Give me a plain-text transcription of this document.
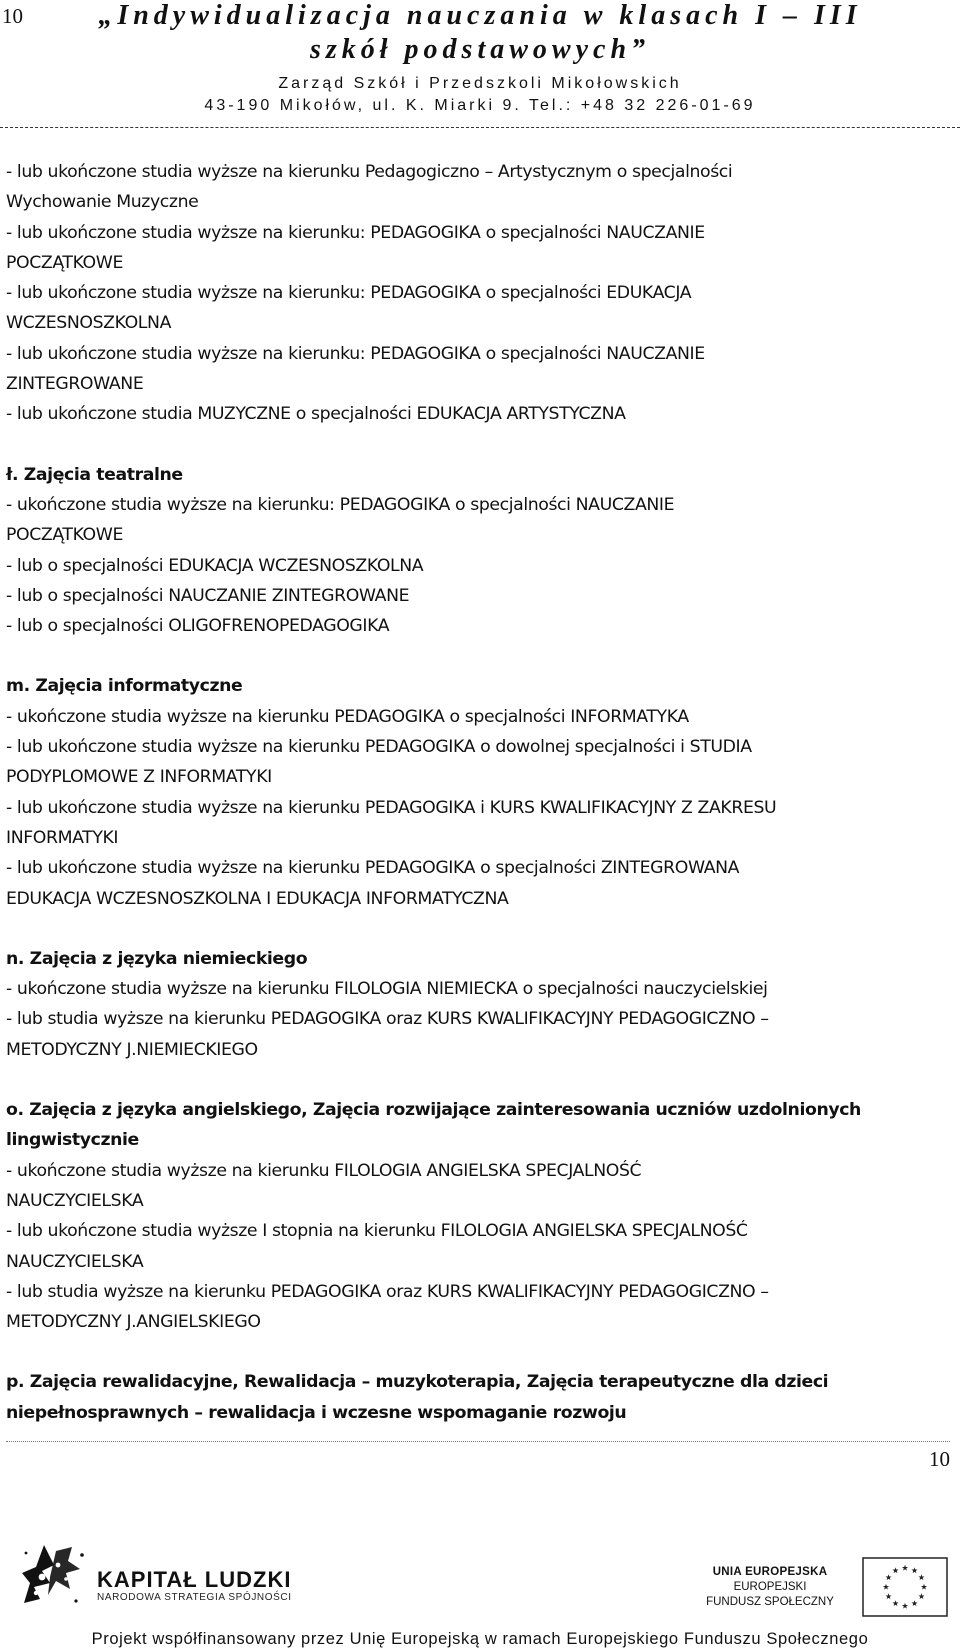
10	„Indywidualizacja nauczania w klasach I – III
szkół podstawowych”
Zarząd Szkół i Przedszkoli Mikołowskich
43-190 Mikołów, ul. K. Miarki 9. Tel.: +48 32 226-01-69
- lub ukończone studia wyższe na kierunku Pedagogiczno – Artystycznym o specjalności
Wychowanie Muzyczne
- lub ukończone studia wyższe na kierunku: PEDAGOGIKA o specjalności NAUCZANIE
POCZĄTKOWE
- lub ukończone studia wyższe na kierunku: PEDAGOGIKA o specjalności EDUKACJA
WCZESNOSZKOLNA
- lub ukończone studia wyższe na kierunku: PEDAGOGIKA o specjalności NAUCZANIE
ZINTEGROWANE
- lub ukończone studia MUZYCZNE o specjalności EDUKACJA ARTYSTYCZNA
ł. Zajęcia teatralne
- ukończone studia wyższe na kierunku: PEDAGOGIKA o specjalności NAUCZANIE
POCZĄTKOWE
- lub o specjalności EDUKACJA WCZESNOSZKOLNA
- lub o specjalności NAUCZANIE ZINTEGROWANE
- lub o specjalności OLIGOFRENOPEDAGOGIKA
m. Zajęcia informatyczne
- ukończone studia wyższe na kierunku PEDAGOGIKA o specjalności INFORMATYKA
- lub ukończone studia wyższe na kierunku PEDAGOGIKA o dowolnej specjalności i STUDIA
PODYPLOMOWE Z INFORMATYKI
- lub ukończone studia wyższe na kierunku PEDAGOGIKA i KURS KWALIFIKACYJNY Z ZAKRESU
INFORMATYKI
- lub ukończone studia wyższe na kierunku PEDAGOGIKA o specjalności ZINTEGROWANA
EDUKACJA WCZESNOSZKOLNA I EDUKACJA INFORMATYCZNA
n. Zajęcia z języka niemieckiego
- ukończone studia wyższe na kierunku FILOLOGIA NIEMIECKA o specjalności nauczycielskiej
- lub studia wyższe na kierunku PEDAGOGIKA oraz KURS KWALIFIKACYJNY PEDAGOGICZNO –
METODYCZNY J.NIEMIECKIEGO
o. Zajęcia z języka angielskiego, Zajęcia rozwijające zainteresowania uczniów uzdolnionych lingwistycznie
- ukończone studia wyższe na kierunku FILOLOGIA ANGIELSKA SPECJALNOŚĆ
NAUCZYCIELSKA
- lub ukończone studia wyższe I stopnia na kierunku FILOLOGIA ANGIELSKA SPECJALNOŚĆ
NAUCZYCIELSKA
- lub studia wyższe na kierunku PEDAGOGIKA oraz KURS KWALIFIKACYJNY PEDAGOGICZNO –
METODYCZNY J.ANGIELSKIEGO
p. Zajęcia rewalidacyjne, Rewalidacja – muzykoterapia, Zajęcia terapeutyczne dla dzieci niepełnosprawnych – rewalidacja i wczesne wspomaganie rozwoju
10
KAPITAŁ LUDZKI
NARODOWA STRATEGIA SPÓJNOŚCI
UNIA EUROPEJSKA
EUROPEJSKI
FUNDUSZ SPOŁECZNY
Projekt współfinansowany przez Unię Europejską w ramach Europejskiego Funduszu Społecznego
